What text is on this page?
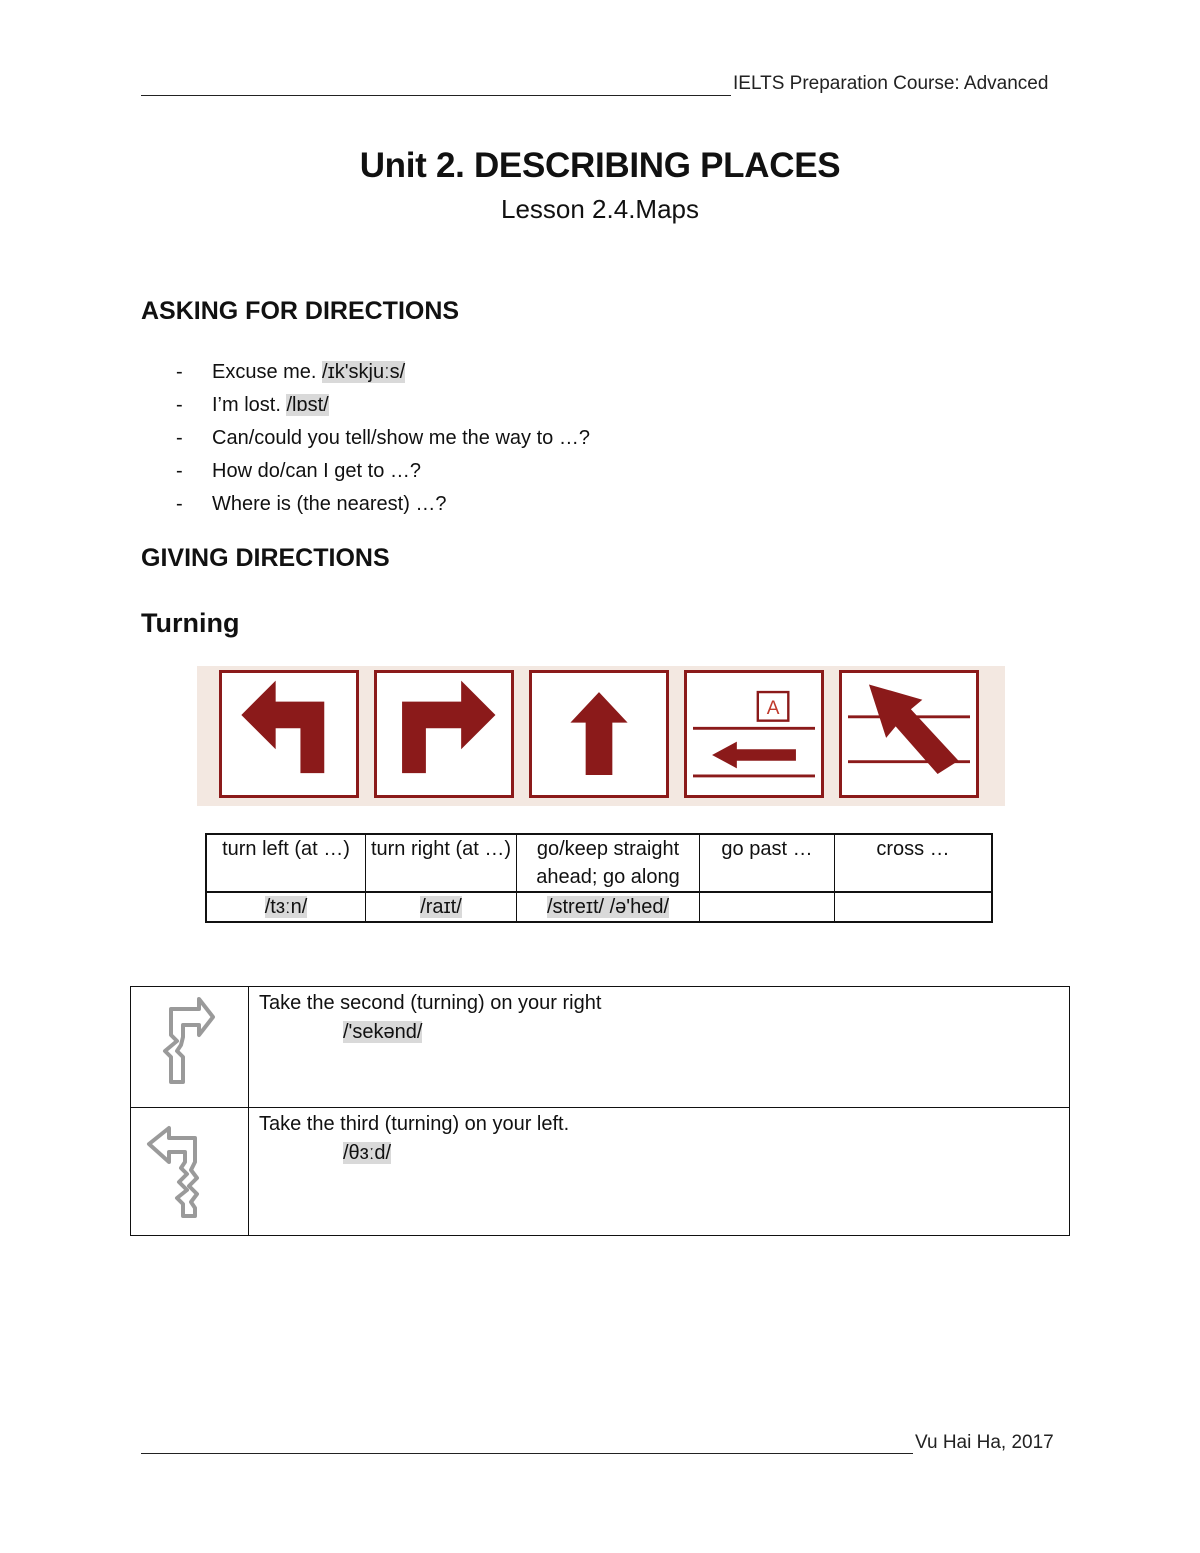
IELTS Preparation Course: Advanced
Unit 2. DESCRIBING PLACES
Lesson 2.4.Maps
ASKING FOR DIRECTIONS
- Excuse me. /ɪk'skjuːs/
- I’m lost. /lɒst/
- Can/could you tell/show me the way to …?
- How do/can I get to …?
- Where is (the nearest) …?
GIVING DIRECTIONS
Turning
A
turn left (at …)	turn right (at …)	go/keep straight ahead; go along	go past …	cross …
/tɜːn/	/raɪt/	/streɪt/ /ə'hed/		

Take the second (turning) on your right
/'sekənd/

Take the third (turning) on your left.
/θɜːd/
Vu Hai Ha, 2017
